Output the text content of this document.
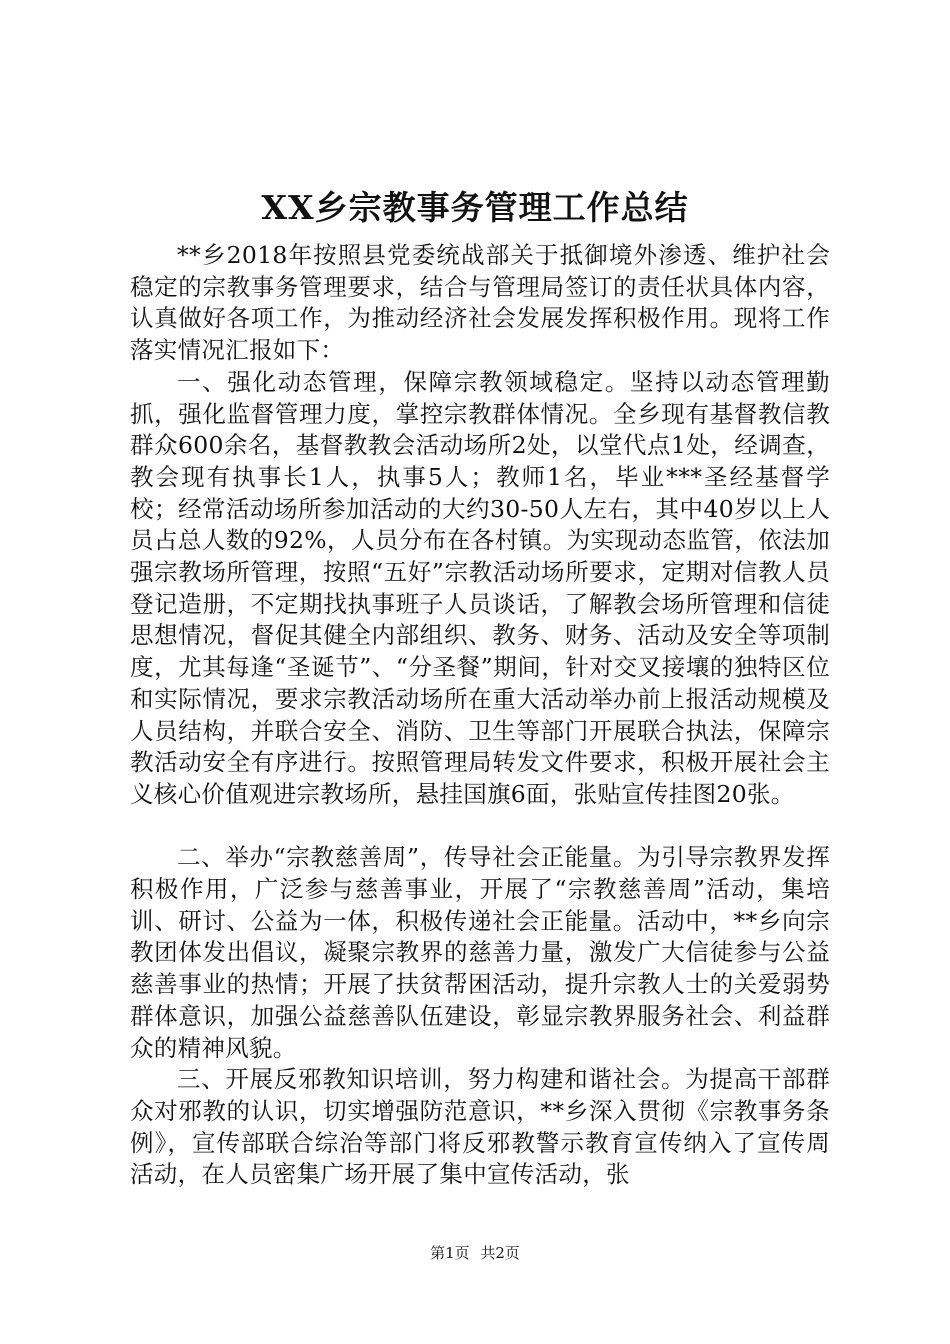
XX乡宗教事务管理工作总结

**乡2018年按照县党委统战部关于抵御境外渗透、维护社会稳定的宗教事务管理要求，结合与管理局签订的责任状具体内容，认真做好各项工作，为推动经济社会发展发挥积极作用。现将工作落实情况汇报如下：

一、强化动态管理，保障宗教领域稳定。坚持以动态管理勤抓，强化监督管理力度，掌控宗教群体情况。全乡现有基督教信教群众600余名，基督教教会活动场所2处，以堂代点1处，经调查，教会现有执事长1人，执事5人；教师1名，毕业***圣经基督学校；经常活动场所参加活动的大约30-50人左右，其中40岁以上人员占总人数的92%，人员分布在各村镇。为实现动态监管，依法加强宗教场所管理，按照“五好”宗教活动场所要求，定期对信教人员登记造册，不定期找执事班子人员谈话，了解教会场所管理和信徒思想情况，督促其健全内部组织、教务、财务、活动及安全等项制度，尤其每逢“圣诞节”、“分圣餐”期间，针对交叉接壤的独特区位和实际情况，要求宗教活动场所在重大活动举办前上报活动规模及人员结构，并联合安全、消防、卫生等部门开展联合执法，保障宗教活动安全有序进行。按照管理局转发文件要求，积极开展社会主义核心价值观进宗教场所，悬挂国旗6面，张贴宣传挂图20张。

二、举办“宗教慈善周”，传导社会正能量。为引导宗教界发挥积极作用，广泛参与慈善事业，开展了“宗教慈善周”活动，集培训、研讨、公益为一体，积极传递社会正能量。活动中，**乡向宗教团体发出倡议，凝聚宗教界的慈善力量，激发广大信徒参与公益慈善事业的热情；开展了扶贫帮困活动，提升宗教人士的关爱弱势群体意识，加强公益慈善队伍建设，彰显宗教界服务社会、利益群众的精神风貌。

三、开展反邪教知识培训，努力构建和谐社会。为提高干部群众对邪教的认识，切实增强防范意识，**乡深入贯彻《宗教事务条例》，宣传部联合综治等部门将反邪教警示教育宣传纳入了宣传周活动，在人员密集广场开展了集中宣传活动，张

第1页 共2页
